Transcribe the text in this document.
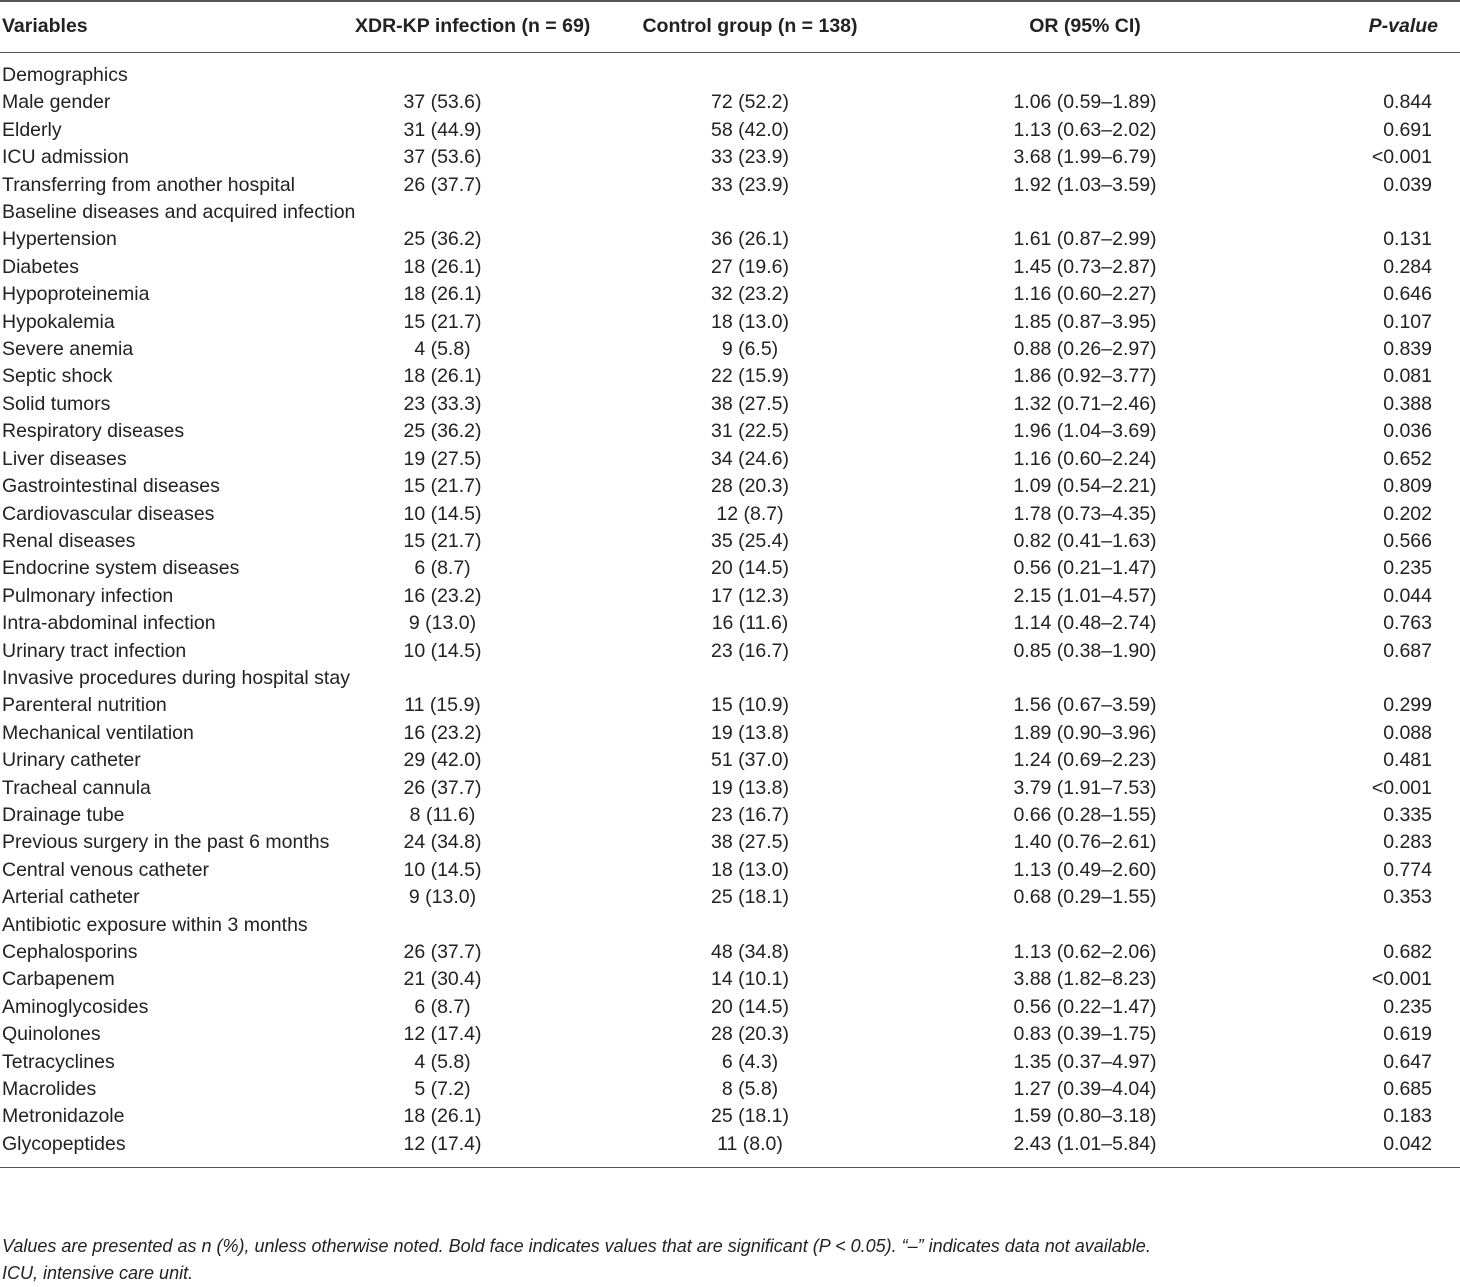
Variables	XDR-KP infection (n = 69)	Control group (n = 138)	OR (95% CI)	P-value
Demographics				
Male gender	37 (53.6)	72 (52.2)	1.06 (0.59–1.89)	0.844
Elderly	31 (44.9)	58 (42.0)	1.13 (0.63–2.02)	0.691
ICU admission	37 (53.6)	33 (23.9)	3.68 (1.99–6.79)	<0.001
Transferring from another hospital	26 (37.7)	33 (23.9)	1.92 (1.03–3.59)	0.039
Baseline diseases and acquired infection				
Hypertension	25 (36.2)	36 (26.1)	1.61 (0.87–2.99)	0.131
Diabetes	18 (26.1)	27 (19.6)	1.45 (0.73–2.87)	0.284
Hypoproteinemia	18 (26.1)	32 (23.2)	1.16 (0.60–2.27)	0.646
Hypokalemia	15 (21.7)	18 (13.0)	1.85 (0.87–3.95)	0.107
Severe anemia	4 (5.8)	9 (6.5)	0.88 (0.26–2.97)	0.839
Septic shock	18 (26.1)	22 (15.9)	1.86 (0.92–3.77)	0.081
Solid tumors	23 (33.3)	38 (27.5)	1.32 (0.71–2.46)	0.388
Respiratory diseases	25 (36.2)	31 (22.5)	1.96 (1.04–3.69)	0.036
Liver diseases	19 (27.5)	34 (24.6)	1.16 (0.60–2.24)	0.652
Gastrointestinal diseases	15 (21.7)	28 (20.3)	1.09 (0.54–2.21)	0.809
Cardiovascular diseases	10 (14.5)	12 (8.7)	1.78 (0.73–4.35)	0.202
Renal diseases	15 (21.7)	35 (25.4)	0.82 (0.41–1.63)	0.566
Endocrine system diseases	6 (8.7)	20 (14.5)	0.56 (0.21–1.47)	0.235
Pulmonary infection	16 (23.2)	17 (12.3)	2.15 (1.01–4.57)	0.044
Intra-abdominal infection	9 (13.0)	16 (11.6)	1.14 (0.48–2.74)	0.763
Urinary tract infection	10 (14.5)	23 (16.7)	0.85 (0.38–1.90)	0.687
Invasive procedures during hospital stay				
Parenteral nutrition	11 (15.9)	15 (10.9)	1.56 (0.67–3.59)	0.299
Mechanical ventilation	16 (23.2)	19 (13.8)	1.89 (0.90–3.96)	0.088
Urinary catheter	29 (42.0)	51 (37.0)	1.24 (0.69–2.23)	0.481
Tracheal cannula	26 (37.7)	19 (13.8)	3.79 (1.91–7.53)	<0.001
Drainage tube	8 (11.6)	23 (16.7)	0.66 (0.28–1.55)	0.335
Previous surgery in the past 6 months	24 (34.8)	38 (27.5)	1.40 (0.76–2.61)	0.283
Central venous catheter	10 (14.5)	18 (13.0)	1.13 (0.49–2.60)	0.774
Arterial catheter	9 (13.0)	25 (18.1)	0.68 (0.29–1.55)	0.353
Antibiotic exposure within 3 months				
Cephalosporins	26 (37.7)	48 (34.8)	1.13 (0.62–2.06)	0.682
Carbapenem	21 (30.4)	14 (10.1)	3.88 (1.82–8.23)	<0.001
Aminoglycosides	6 (8.7)	20 (14.5)	0.56 (0.22–1.47)	0.235
Quinolones	12 (17.4)	28 (20.3)	0.83 (0.39–1.75)	0.619
Tetracyclines	4 (5.8)	6 (4.3)	1.35 (0.37–4.97)	0.647
Macrolides	5 (7.2)	8 (5.8)	1.27 (0.39–4.04)	0.685
Metronidazole	18 (26.1)	25 (18.1)	1.59 (0.80–3.18)	0.183
Glycopeptides	12 (17.4)	11 (8.0)	2.43 (1.01–5.84)	0.042
Values are presented as n (%), unless otherwise noted. Bold face indicates values that are significant (P < 0.05). “–” indicates data not available.
ICU, intensive care unit.
